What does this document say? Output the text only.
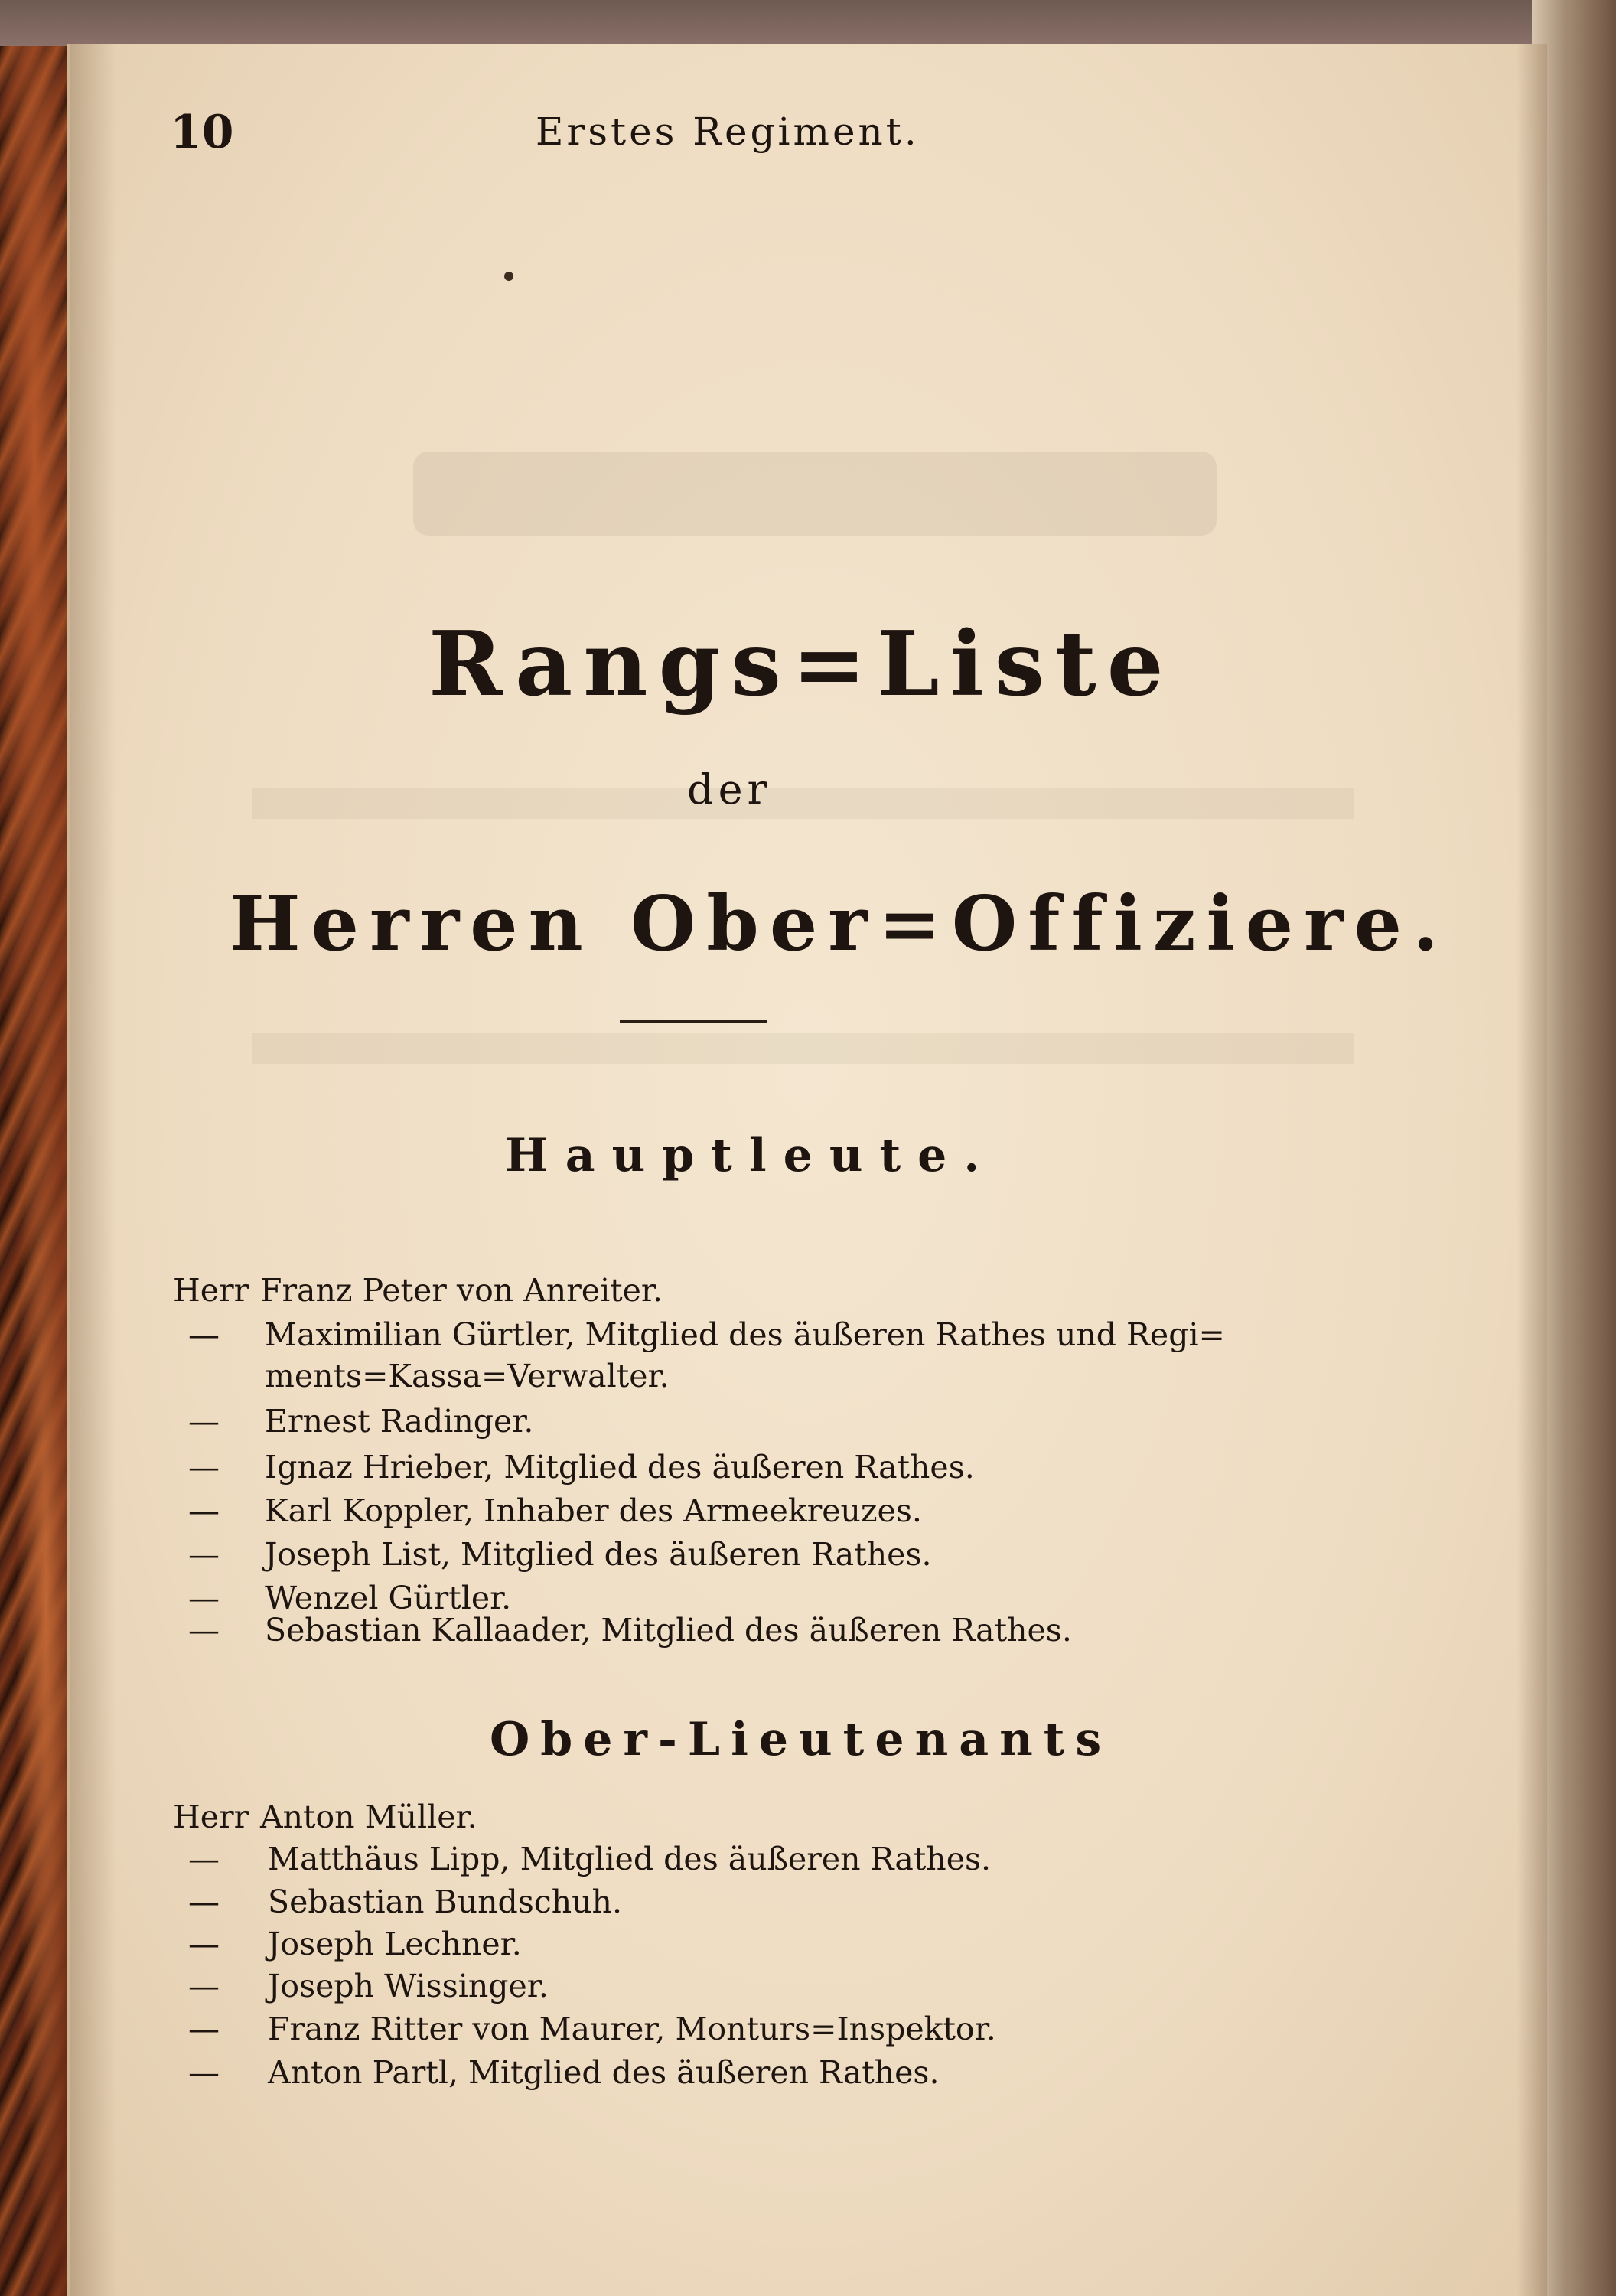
10	Erstes Regiment.
Rangs=Liste
der
Herren Ober=Offiziere.
Hauptleute.
Herr Franz Peter von Anreiter.
— Maximilian Gürtler, Mitglied des äußeren Rathes und Regi=
ments=Kassa=Verwalter.
— Ernest Radinger.
— Ignaz Hrieber, Mitglied des äußeren Rathes.
— Karl Koppler, Inhaber des Armeekreuzes.
— Joseph List, Mitglied des äußeren Rathes.
— Wenzel Gürtler.
— Sebastian Kallaader, Mitglied des äußeren Rathes.
Ober-Lieutenants
Herr Anton Müller.
— Matthäus Lipp, Mitglied des äußeren Rathes.
— Sebastian Bundschuh.
— Joseph Lechner.
— Joseph Wissinger.
— Franz Ritter von Maurer, Monturs=Inspektor.
— Anton Partl, Mitglied des äußeren Rathes.
